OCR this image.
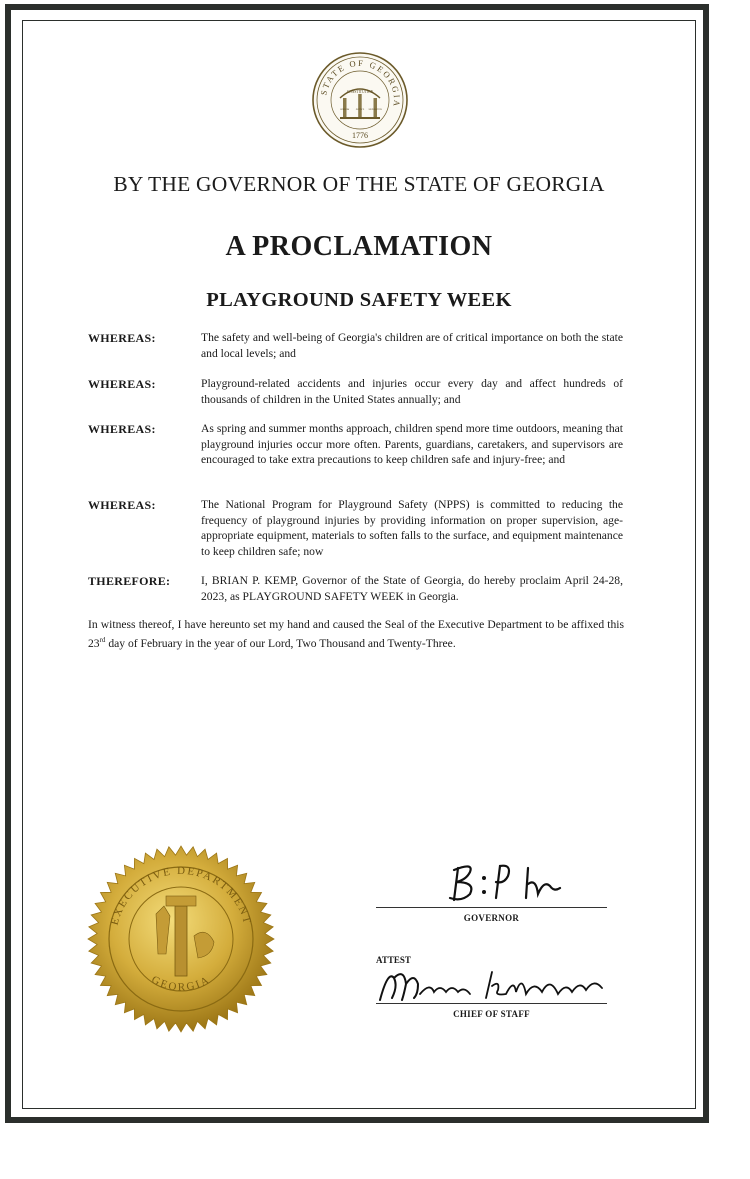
STATE OF GEORGIA
CONSTITUTION
WISDOM	JUSTICE	MODERATION
1776
BY THE GOVERNOR OF THE STATE OF GEORGIA
A PROCLAMATION
PLAYGROUND SAFETY WEEK
WHEREAS:	The safety and well-being of Georgia's children are of critical importance on both the state and local levels; and
WHEREAS:	Playground-related accidents and injuries occur every day and affect hundreds of thousands of children in the United States annually; and
WHEREAS:	As spring and summer months approach, children spend more time outdoors, meaning that playground injuries occur more often. Parents, guardians, caretakers, and supervisors are encouraged to take extra precautions to keep children safe and injury-free; and
WHEREAS:	The National Program for Playground Safety (NPPS) is committed to reducing the frequency of playground injuries by providing information on proper supervision, age-appropriate equipment, materials to soften falls to the surface, and equipment maintenance to keep children safe; now
THEREFORE:	I, BRIAN P. KEMP, Governor of the State of Georgia, do hereby proclaim April 24-28, 2023, as PLAYGROUND SAFETY WEEK in Georgia.
In witness thereof, I have hereunto set my hand and caused the Seal of the Executive Department to be affixed this 23rd day of February in the year of our Lord, Two Thousand and Twenty-Three.
EXECUTIVE DEPARTMENT
GEORGIA
B P K
GOVERNOR
ATTEST
Martin Kilpatrick
CHIEF OF STAFF
